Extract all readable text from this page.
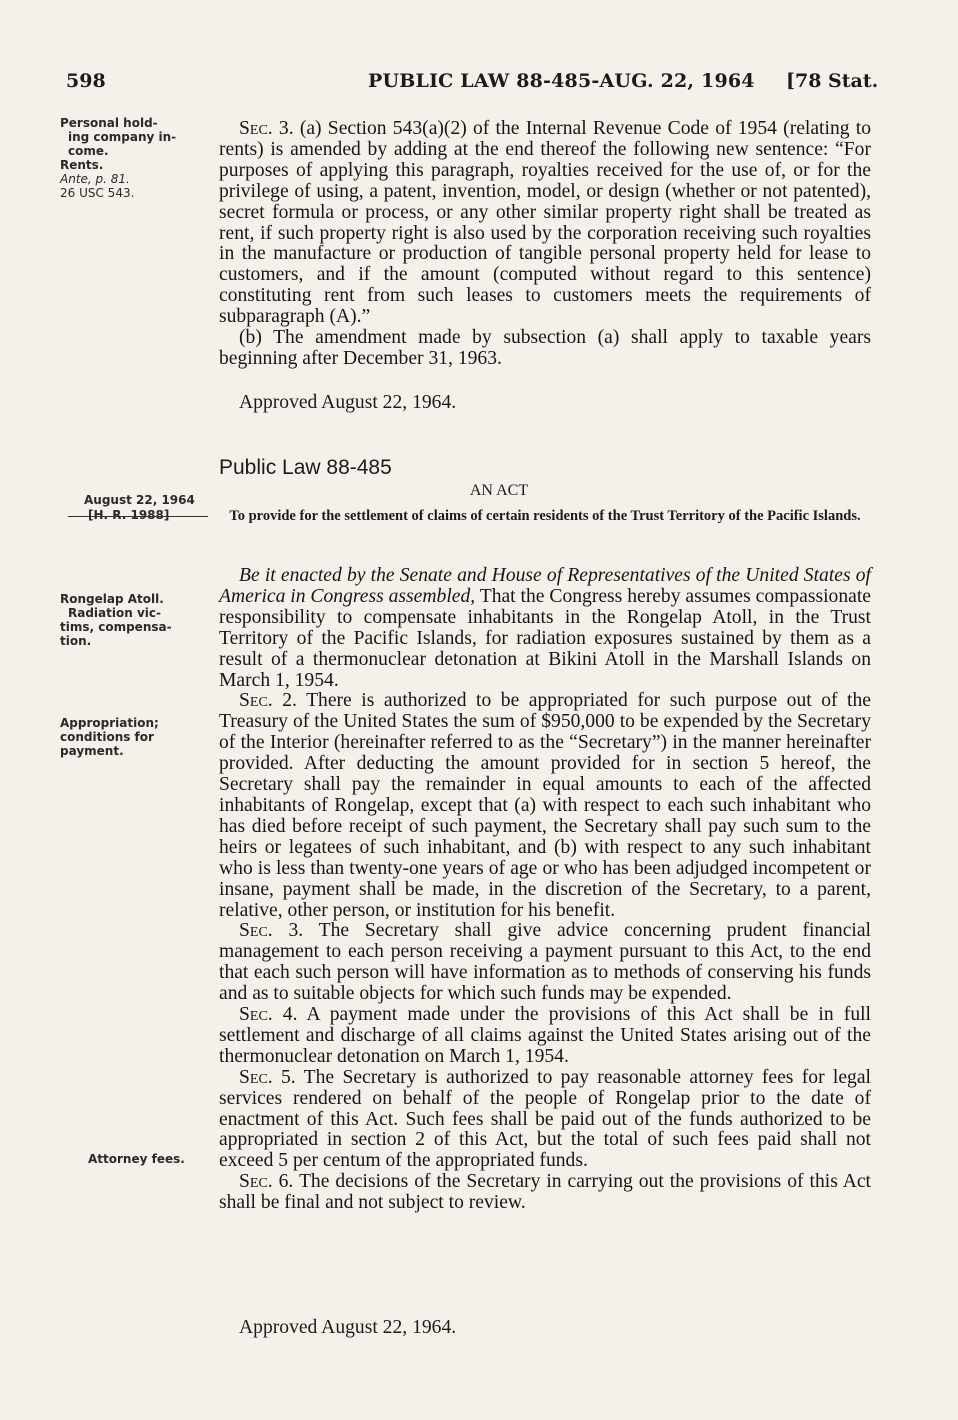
598	PUBLIC LAW 88-485-AUG. 22, 1964 [78 Stat.
Personal hold-
ing company in-
come.
Rents.
Ante, p. 81.
26 USC 543.

Sec. 3. (a) Section 543(a)(2) of the Internal Revenue Code of 1954 (relating to rents) is amended by adding at the end thereof the following new sentence: “For purposes of applying this paragraph, royalties received for the use of, or for the privilege of using, a patent, invention, model, or design (whether or not patented), secret formula or process, or any other similar property right shall be treated as rent, if such property right is also used by the corporation receiving such royalties in the manufacture or production of tangible personal property held for lease to customers, and if the amount (computed without regard to this sentence) constituting rent from such leases to customers meets the requirements of subparagraph (A).”

(b) The amendment made by subsection (a) shall apply to taxable years beginning after December 31, 1963.

Approved August 22, 1964.
Public Law 88-485
AN ACT
August 22, 1964
[H. R. 1988]	To provide for the settlement of claims of certain residents of the Trust Territory of the Pacific Islands.
Rongelap Atoll.
Radiation vic-
tims, compensa-
tion.
Appropriation;
conditions for
payment.
Attorney fees.

Be it enacted by the Senate and House of Representatives of the United States of America in Congress assembled, That the Congress hereby assumes compassionate responsibility to compensate inhabitants in the Rongelap Atoll, in the Trust Territory of the Pacific Islands, for radiation exposures sustained by them as a result of a thermonuclear detonation at Bikini Atoll in the Marshall Islands on March 1, 1954.

Sec. 2. There is authorized to be appropriated for such purpose out of the Treasury of the United States the sum of $950,000 to be expended by the Secretary of the Interior (hereinafter referred to as the “Secretary”) in the manner hereinafter provided. After deducting the amount provided for in section 5 hereof, the Secretary shall pay the remainder in equal amounts to each of the affected inhabitants of Rongelap, except that (a) with respect to each such inhabitant who has died before receipt of such payment, the Secretary shall pay such sum to the heirs or legatees of such inhabitant, and (b) with respect to any such inhabitant who is less than twenty-one years of age or who has been adjudged incompetent or insane, payment shall be made, in the discretion of the Secretary, to a parent, relative, other person, or institution for his benefit.

Sec. 3. The Secretary shall give advice concerning prudent financial management to each person receiving a payment pursuant to this Act, to the end that each such person will have information as to methods of conserving his funds and as to suitable objects for which such funds may be expended.

Sec. 4. A payment made under the provisions of this Act shall be in full settlement and discharge of all claims against the United States arising out of the thermonuclear detonation on March 1, 1954.

Sec. 5. The Secretary is authorized to pay reasonable attorney fees for legal services rendered on behalf of the people of Rongelap prior to the date of enactment of this Act. Such fees shall be paid out of the funds authorized to be appropriated in section 2 of this Act, but the total of such fees paid shall not exceed 5 per centum of the appropriated funds.

Sec. 6. The decisions of the Secretary in carrying out the provisions of this Act shall be final and not subject to review.

Approved August 22, 1964.
